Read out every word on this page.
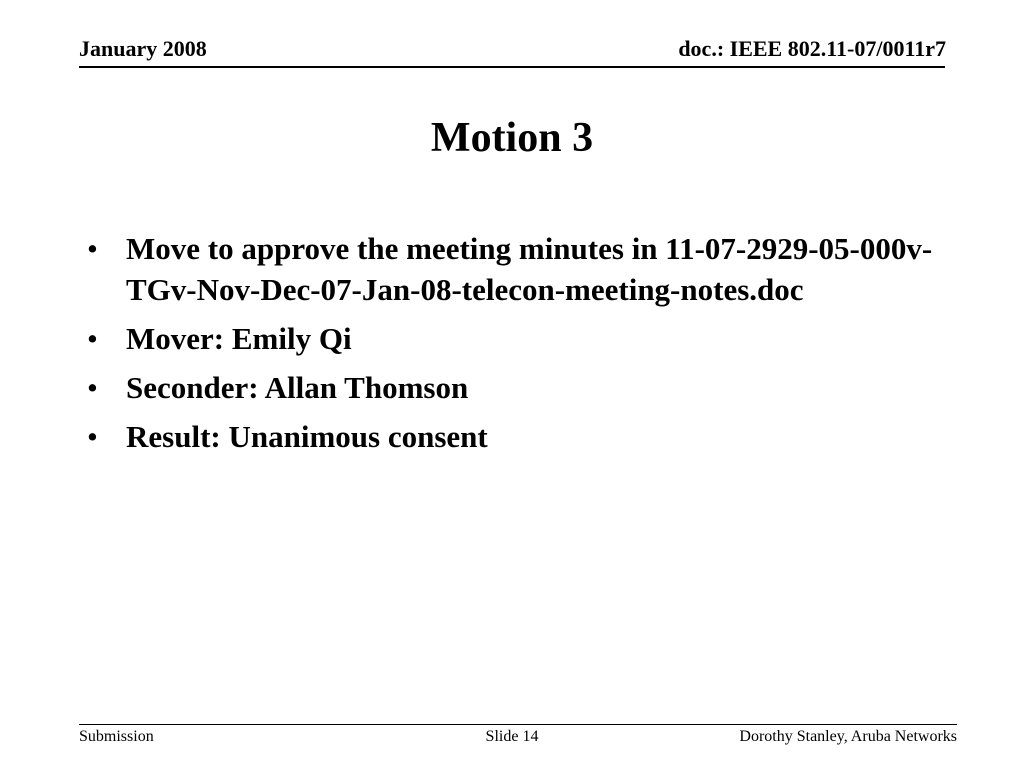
January 2008	doc.: IEEE 802.11-07/0011r7
Motion 3
• Move to approve the meeting minutes in 11-07-2929-05-000v-TGv-Nov-Dec-07-Jan-08-telecon-meeting-notes.doc
• Mover: Emily Qi
• Seconder: Allan Thomson
• Result: Unanimous consent
Submission	Slide 14	Dorothy Stanley, Aruba Networks
